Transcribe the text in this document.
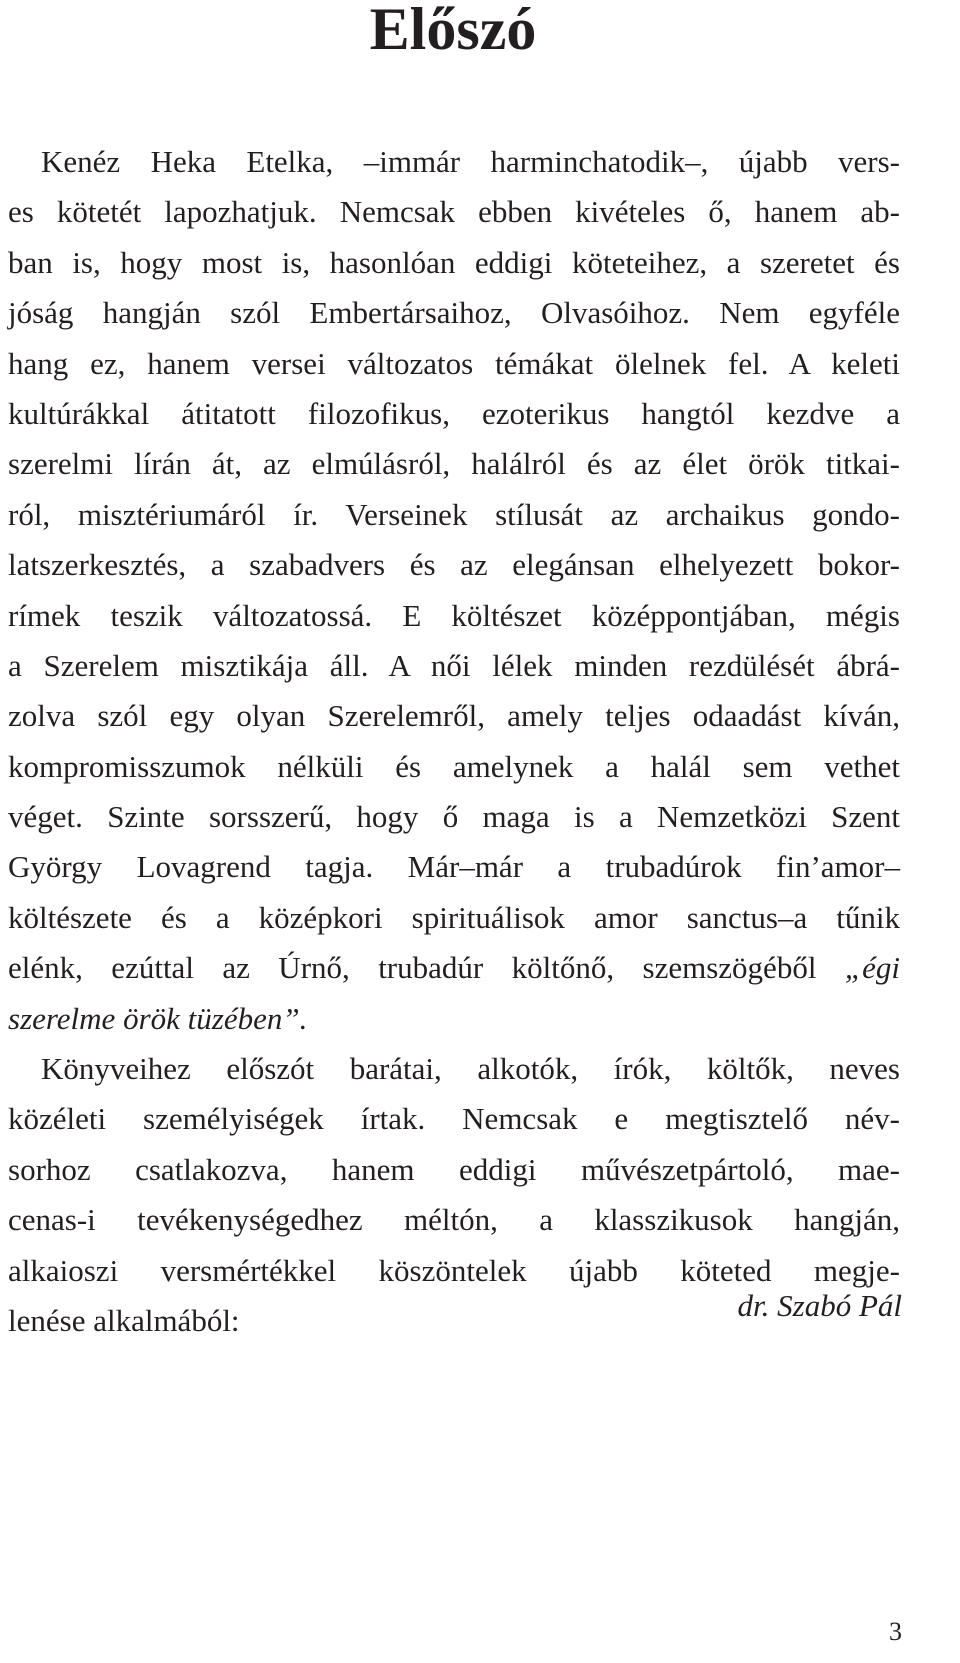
Előszó
Kenéz Heka Etelka, –immár harminchatodik–, újabb vers-
es kötetét lapozhatjuk. Nemcsak ebben kivételes ő, hanem ab-
ban is, hogy most is, hasonlóan eddigi köteteihez, a szeretet és
jóság hangján szól Embertársaihoz, Olvasóihoz. Nem egyféle
hang ez, hanem versei változatos témákat ölelnek fel. A keleti
kultúrákkal átitatott filozofikus, ezoterikus hangtól kezdve a
szerelmi lírán át, az elmúlásról, halálról és az élet örök titkai-
ról, misztériumáról ír. Verseinek stílusát az archaikus gondo-
latszerkesztés, a szabadvers és az elegánsan elhelyezett bokor-
rímek teszik változatossá. E költészet középpontjában, mégis
a Szerelem misztikája áll. A női lélek minden rezdülését ábrá-
zolva szól egy olyan Szerelemről, amely teljes odaadást kíván,
kompromisszumok nélküli és amelynek a halál sem vethet
véget. Szinte sorsszerű, hogy ő maga is a Nemzetközi Szent
György Lovagrend tagja. Már–már a trubadúrok fin’amor–
költészete és a középkori spirituálisok amor sanctus–a tűnik
elénk, ezúttal az Úrnő, trubadúr költőnő, szemszögéből „égi
szerelme örök tüzében”.
Könyveihez előszót barátai, alkotók, írók, költők, neves
közéleti személyiségek írtak. Nemcsak e megtisztelő név-
sorhoz csatlakozva, hanem eddigi művészetpártoló, mae-
cenas-i tevékenységedhez méltón, a klasszikusok hangján,
alkaioszi versmértékkel köszöntelek újabb köteted megje-
lenése alkalmából:	dr. Szabó Pál
3
